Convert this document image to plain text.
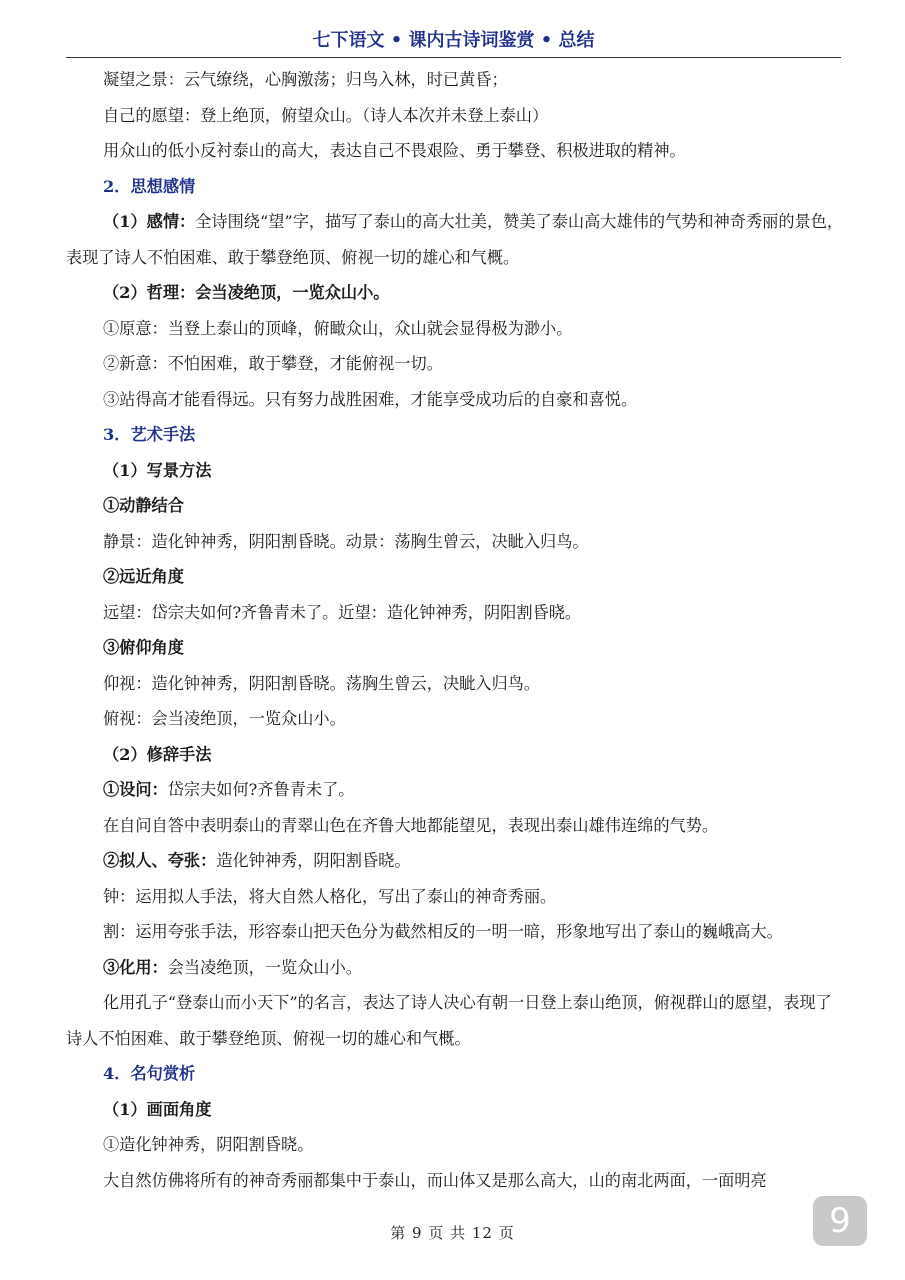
七下语文 • 课内古诗词鉴赏 • 总结
凝望之景：云气缭绕，心胸激荡；归鸟入林，时已黄昏；
自己的愿望：登上绝顶，俯望众山。（诗人本次并未登上泰山）
用众山的低小反衬泰山的高大，表达自己不畏艰险、勇于攀登、积极进取的精神。
2．思想感情
（1）感情：全诗围绕“望”字，描写了泰山的高大壮美，赞美了泰山高大雄伟的气势和神奇秀丽的景色，表现了诗人不怕困难、敢于攀登绝顶、俯视一切的雄心和气概。
（2）哲理：会当凌绝顶，一览众山小。
①原意：当登上泰山的顶峰，俯瞰众山，众山就会显得极为渺小。
②新意：不怕困难，敢于攀登，才能俯视一切。
③站得高才能看得远。只有努力战胜困难，才能享受成功后的自豪和喜悦。
3．艺术手法
（1）写景方法
①动静结合
静景：造化钟神秀，阴阳割昏晓。动景：荡胸生曾云，决眦入归鸟。
②远近角度
远望：岱宗夫如何?齐鲁青未了。近望：造化钟神秀，阴阳割昏晓。
③俯仰角度
仰视：造化钟神秀，阴阳割昏晓。荡胸生曾云，决眦入归鸟。
俯视：会当凌绝顶，一览众山小。
（2）修辞手法
①设问：岱宗夫如何?齐鲁青未了。
在自问自答中表明泰山的青翠山色在齐鲁大地都能望见，表现出泰山雄伟连绵的气势。
②拟人、夸张：造化钟神秀，阴阳割昏晓。
钟：运用拟人手法，将大自然人格化，写出了泰山的神奇秀丽。
割：运用夸张手法，形容泰山把天色分为截然相反的一明一暗，形象地写出了泰山的巍峨高大。
③化用：会当凌绝顶，一览众山小。
化用孔子“登泰山而小天下”的名言，表达了诗人决心有朝一日登上泰山绝顶，俯视群山的愿望，表现了诗人不怕困难、敢于攀登绝顶、俯视一切的雄心和气概。
4．名句赏析
（1）画面角度
①造化钟神秀，阴阳割昏晓。
大自然仿佛将所有的神奇秀丽都集中于泰山，而山体又是那么高大，山的南北两面，一面明亮
第 9 页 共 12 页	9
